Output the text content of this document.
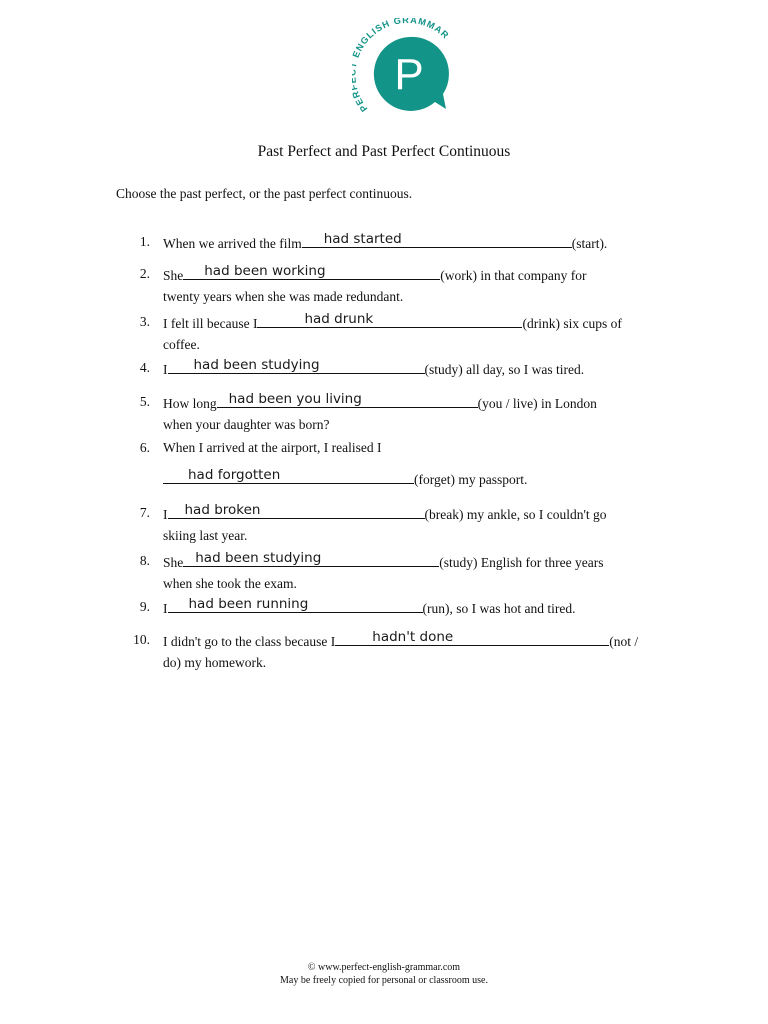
PE NGLISH GRAMMAR
P
Past Perfect and Past Perfect Continuous
Choose the past perfect, or the past perfect continuous.
1. When we arrived the film had started	(start).
2. She had been working	(work) in that company for
twenty years when she was made redundant.
3. I felt ill because I	had drunk	(drink) six cups of
coffee.
4. I had been studying	(study) all day, so I was tired.
5. How long had been you living	(you / live) in London
when your daughter was born?
6. When I arrived at the airport, I realised I
had forgotten	(forget) my passport.
7. I had broken	(break) my ankle, so I couldn't go
skiing last year.
8. She had been studying	(study) English for three years
when she took the exam.
9. I had been running	(run), so I was hot and tired.
10. I didn't go to the class because I	hadn't done	(not /
do) my homework.
© www.perfect-english-grammar.com
May be freely copied for personal or classroom use.
